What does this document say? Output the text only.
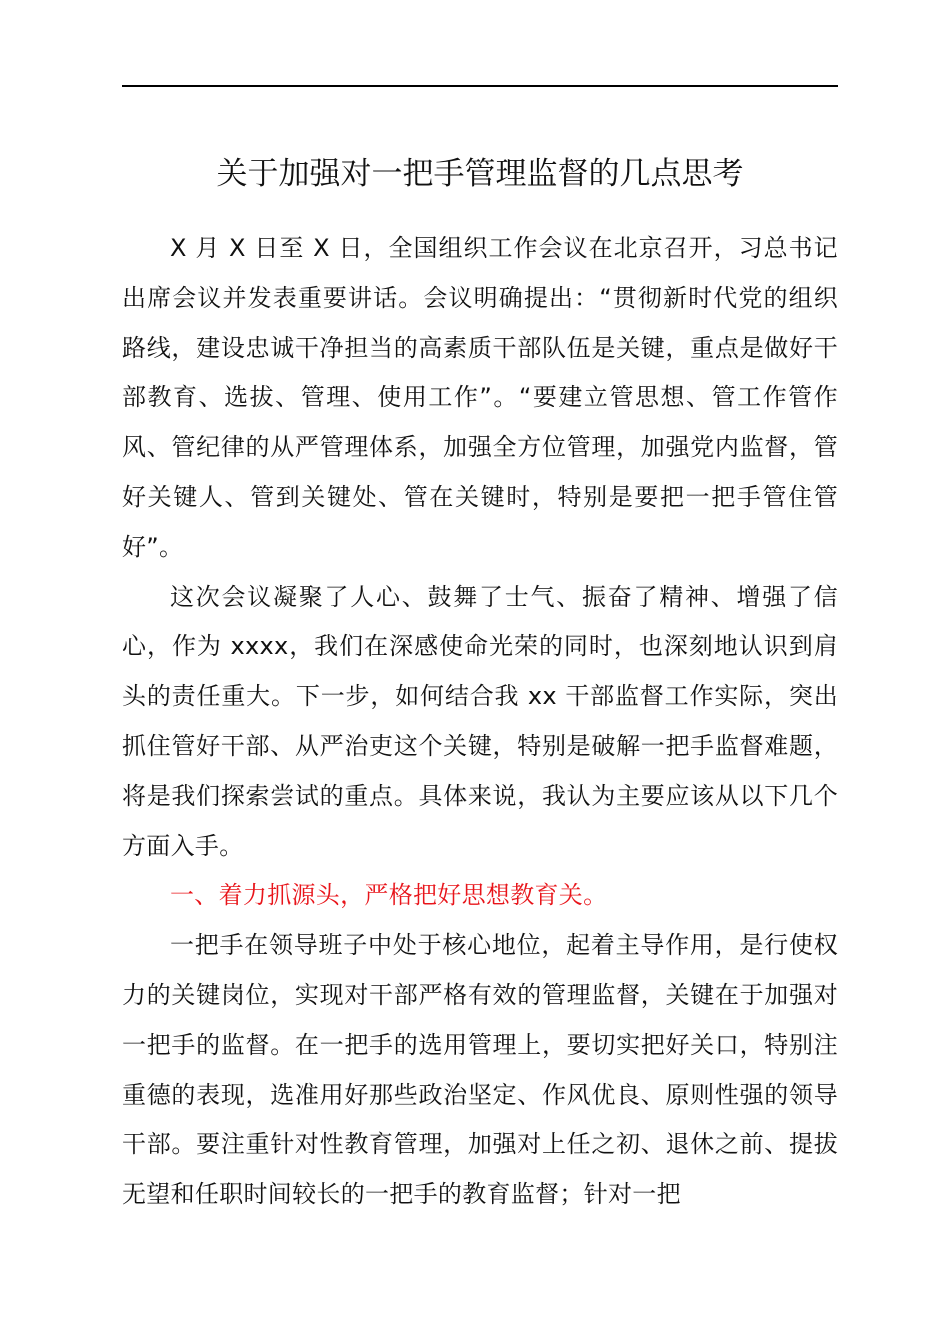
关于加强对一把手管理监督的几点思考

X 月 X 日至 X 日，全国组织工作会议在北京召开，习总书记出席会议并发表重要讲话。会议明确提出：“贯彻新时代党的组织路线，建设忠诚干净担当的高素质干部队伍是关键，重点是做好干部教育、选拔、管理、使用工作”。“要建立管思想、管工作管作风、管纪律的从严管理体系，加强全方位管理，加强党内监督，管好关键人、管到关键处、管在关键时，特别是要把一把手管住管好”。

这次会议凝聚了人心、鼓舞了士气、振奋了精神、增强了信心，作为 xxxx，我们在深感使命光荣的同时，也深刻地认识到肩头的责任重大。下一步，如何结合我 xx 干部监督工作实际，突出抓住管好干部、从严治吏这个关键，特别是破解一把手监督难题，将是我们探索尝试的重点。具体来说，我认为主要应该从以下几个方面入手。

一、着力抓源头，严格把好思想教育关。

一把手在领导班子中处于核心地位，起着主导作用，是行使权力的关键岗位，实现对干部严格有效的管理监督，关键在于加强对一把手的监督。在一把手的选用管理上，要切实把好关口，特别注重德的表现，选准用好那些政治坚定、作风优良、原则性强的领导干部。要注重针对性教育管理，加强对上任之初、退休之前、提拔无望和任职时间较长的一把手的教育监督；针对一把
